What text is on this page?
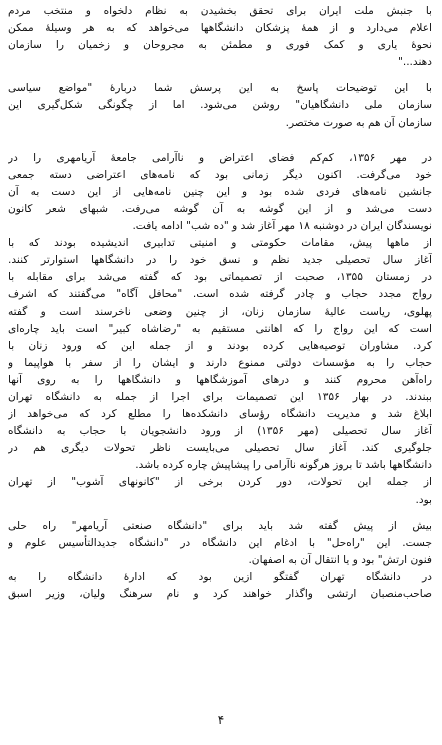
با جنبش ملت ایران برای تحقق بخشیدن به نظام دلخواه و منتخب مردم
اعلام می‌دارد و از همهٔ پزشکان دانشگاهها می‌خواهد که به هر وسیلهٔ ممکن
نحوهٔ یاری و کمک فوری و مطمئن به مجروحان و زخمیان را سازمان
دهند..."
با این توضیحات پاسخ به این پرسش شما دربارهٔ "مواضع سیاسی
سازمان ملی دانشگاهیان" روشن می‌شود. اما از چگونگی شکل‌گیری این
سازمان آن هم به صورت مختصر.
در مهر ۱۳۵۶، کم‌کم فضای اعتراض و ناآرامی جامعهٔ آریامهری را در
خود می‌گرفت. اکنون دیگر زمانی بود که نامه‌های اعتراضی دسته جمعی
جانشین نامه‌های فردی شده بود و این چنین نامه‌هایی از این دست به آن
دست می‌شد و از این گوشه به آن گوشه می‌رفت. شبهای شعر کانون
نویسندگان ایران در دوشنبه ۱۸ مهر آغاز شد و "ده شب" ادامه یافت.
از ماهها پیش، مقامات حکومتی و امنیتی تدابیری اندیشیده بودند که با
آغاز سال تحصیلی جدید نظم و نسق خود را در دانشگاهها استوارتر کنند.
در زمستان ۱۳۵۵، صحبت از تصمیماتی بود که گفته می‌شد برای مقابله با
رواج مجدد حجاب و چادر گرفته شده است. "محافل آگاه" می‌گفتند که اشرف
پهلوی، ریاست عالیهٔ سازمان زنان، از چنین وضعی ناخرسند است و گفته
است که این رواج را که اهانتی مستقیم به "رضاشاه کبیر" است باید چاره‌ای
کرد. مشاوران توصیه‌هایی کرده بودند و از جمله این که ورود زنان با
حجاب را به مؤسسات دولتی ممنوع دارند و ایشان را از سفر با هواپیما و
راه‌آهن محروم کنند و درهای آموزشگاهها و دانشگاهها را به روی آنها
ببندند. در بهار ۱۳۵۶ این تصمیمات برای اجرا از جمله به دانشگاه تهران
ابلاغ شد و مدیریت دانشگاه رؤسای دانشکده‌ها را مطلع کرد که می‌خواهد از
آغاز سال تحصیلی (مهر ۱۳۵۶) از ورود دانشجویان با حجاب به دانشگاه
جلوگیری کند. آغاز سال تحصیلی می‌بایست ناظر تحولات دیگری هم در
دانشگاهها باشد تا بروز هرگونه ناآرامی را پیشاپیش چاره کرده باشد.
از جمله این تحولات، دور کردن برخی از "کانونهای آشوب" از تهران
بود.
بیش از پیش گفته شد باید برای "دانشگاه صنعتی آریامهر" راه حلی
جست. این "راه‌حل" با ادغام این دانشگاه در "دانشگاه جدیدالتأسیس علوم و
فنون ارتش" بود و یا انتقال آن به اصفهان.
در دانشگاه تهران گفتگو ازین بود که ادارهٔ دانشگاه را به
صاحب‌منصبان ارتشی واگذار خواهند کرد و نام سرهنگ ولیان، وزیر اسبق
۴
